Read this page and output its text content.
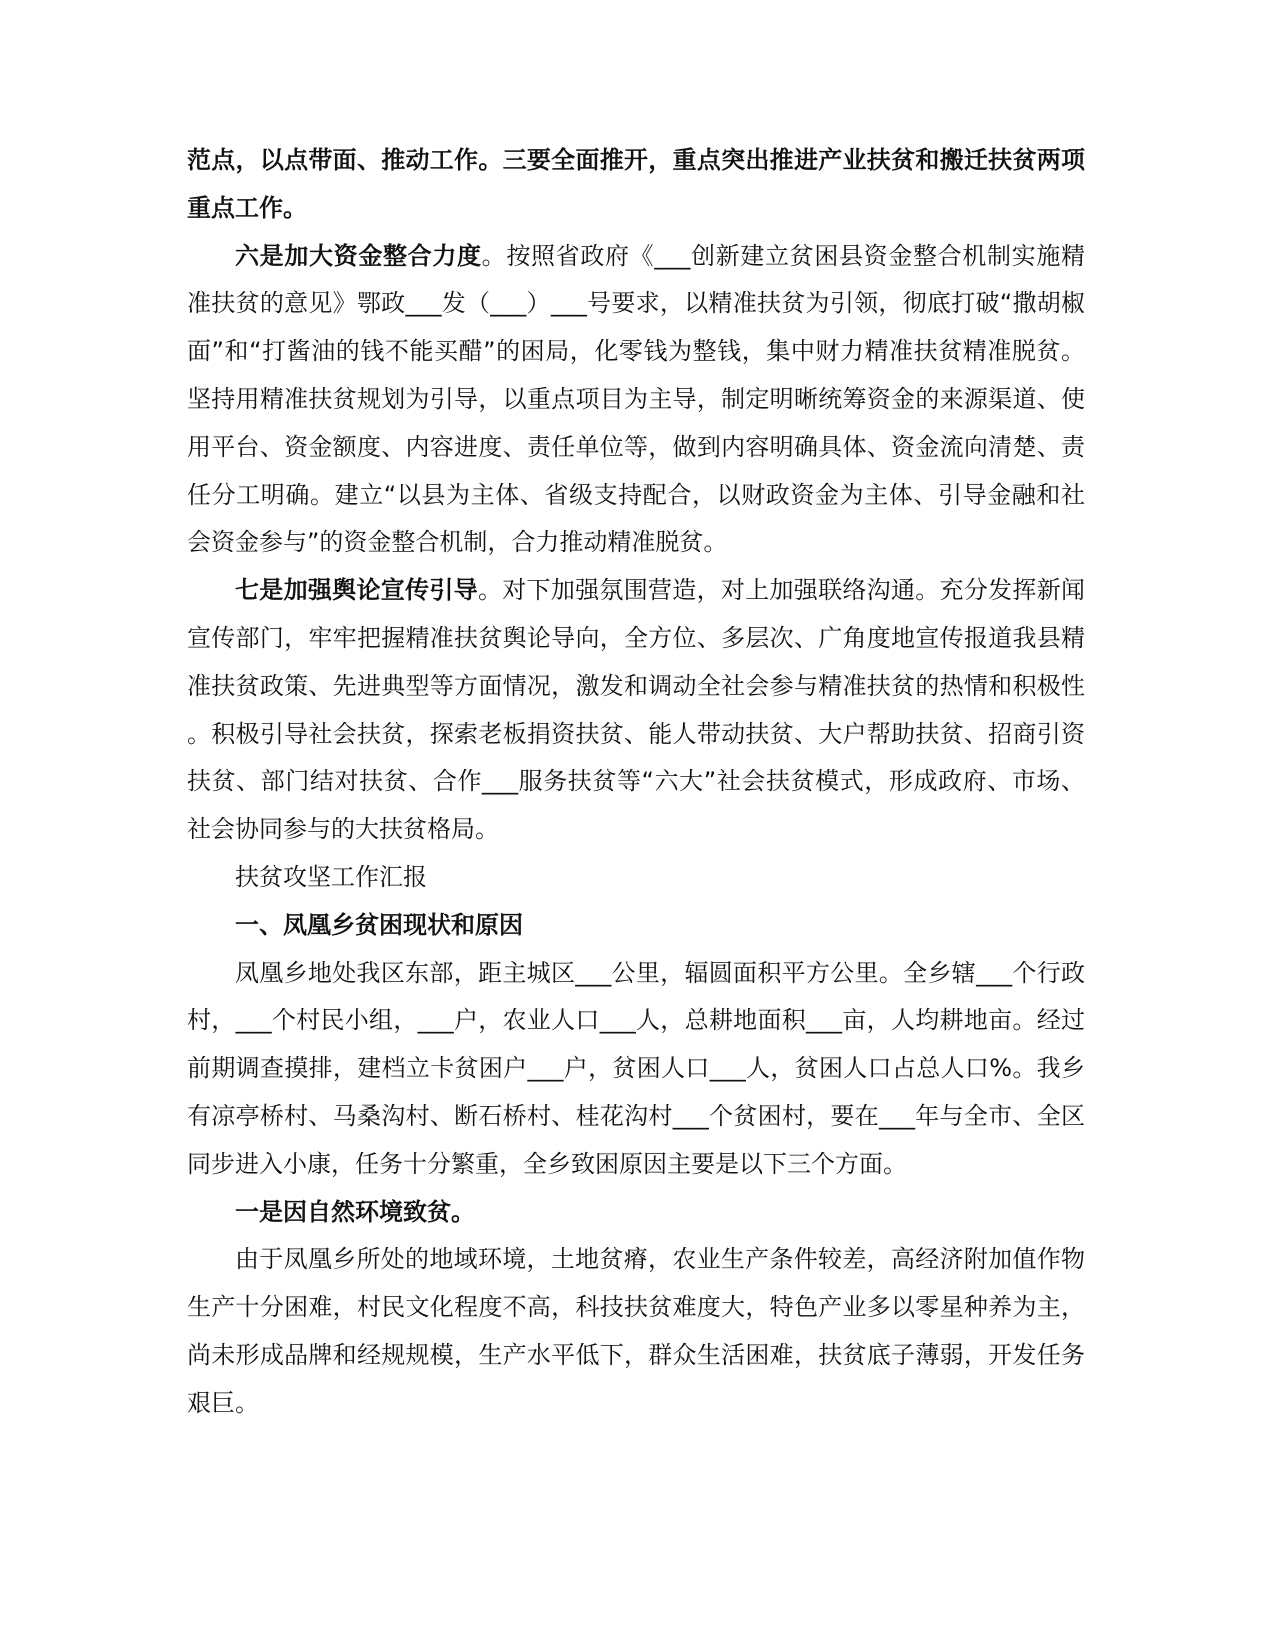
范点，以点带面、推动工作。三要全面推开，重点突出推进产业扶贫和搬迁扶贫两项重点工作。

六是加大资金整合力度。按照省政府《___创新建立贫困县资金整合机制实施精准扶贫的意见》鄂政___发（___）___号要求，以精准扶贫为引领，彻底打破“撒胡椒面”和“打酱油的钱不能买醋”的困局，化零钱为整钱，集中财力精准扶贫精准脱贫。坚持用精准扶贫规划为引导，以重点项目为主导，制定明晰统筹资金的来源渠道、使用平台、资金额度、内容进度、责任单位等，做到内容明确具体、资金流向清楚、责任分工明确。建立“以县为主体、省级支持配合，以财政资金为主体、引导金融和社会资金参与”的资金整合机制，合力推动精准脱贫。

七是加强舆论宣传引导。对下加强氛围营造，对上加强联络沟通。充分发挥新闻宣传部门，牢牢把握精准扶贫舆论导向，全方位、多层次、广角度地宣传报道我县精准扶贫政策、先进典型等方面情况，激发和调动全社会参与精准扶贫的热情和积极性。积极引导社会扶贫，探索老板捐资扶贫、能人带动扶贫、大户帮助扶贫、招商引资扶贫、部门结对扶贫、合作___服务扶贫等“六大”社会扶贫模式，形成政府、市场、社会协同参与的大扶贫格局。

扶贫攻坚工作汇报

一、凤凰乡贫困现状和原因

凤凰乡地处我区东部，距主城区___公里，辐圆面积平方公里。全乡辖___个行政村，___个村民小组，___户，农业人口___人，总耕地面积___亩，人均耕地亩。经过前期调查摸排，建档立卡贫困户___户，贫困人口___人，贫困人口占总人口%。我乡有凉亭桥村、马桑沟村、断石桥村、桂花沟村___个贫困村，要在___年与全市、全区同步进入小康，任务十分繁重，全乡致困原因主要是以下三个方面。

一是因自然环境致贫。

由于凤凰乡所处的地域环境，土地贫瘠，农业生产条件较差，高经济附加值作物生产十分困难，村民文化程度不高，科技扶贫难度大，特色产业多以零星种养为主，尚未形成品牌和经规规模，生产水平低下，群众生活困难，扶贫底子薄弱，开发任务艰巨。
